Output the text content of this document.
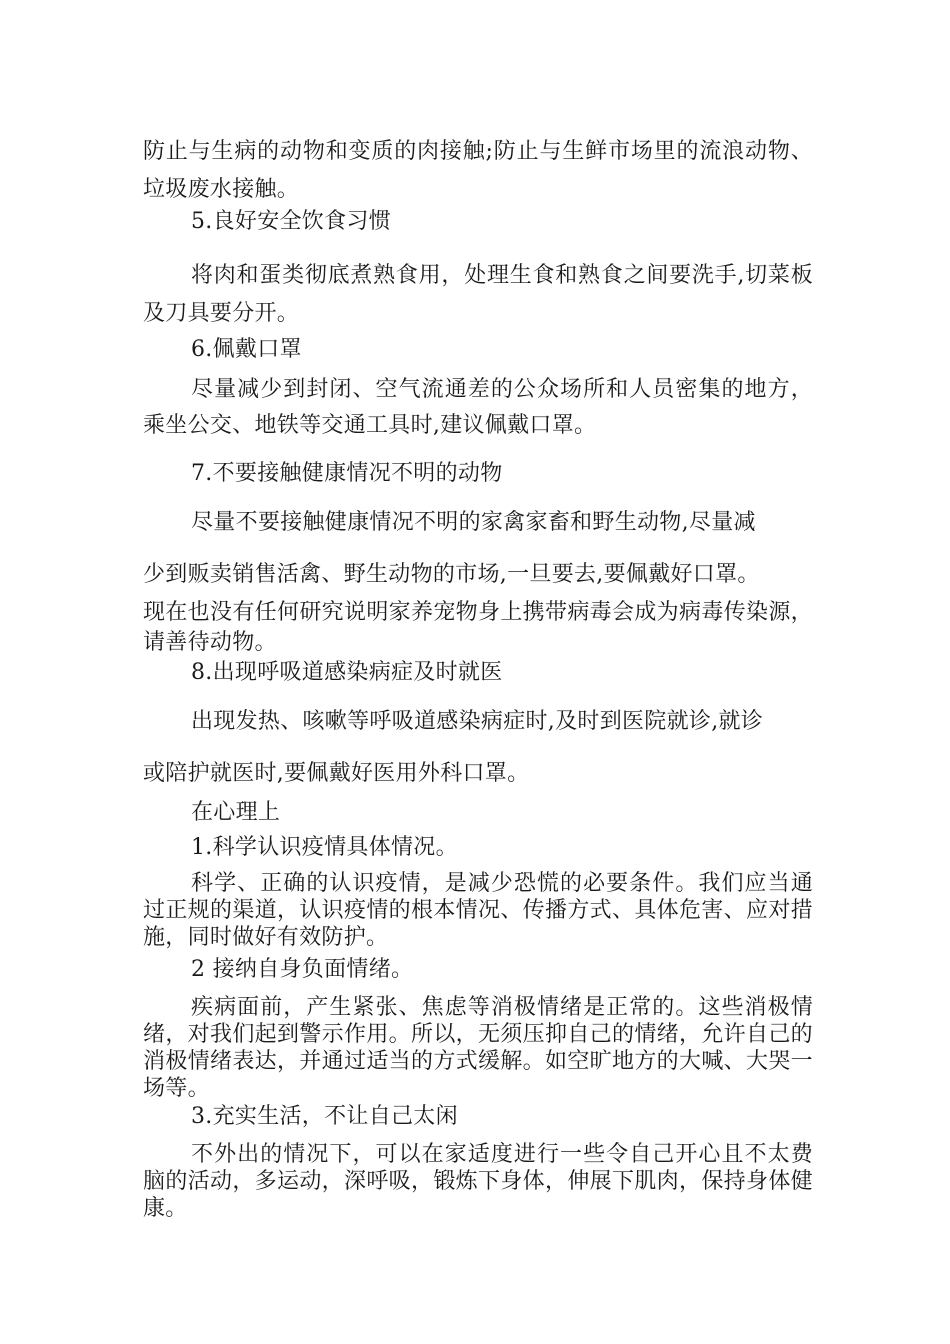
防止与生病的动物和变质的肉接触;防止与生鲜市场里的流浪动物、垃圾废水接触。

5.良好安全饮食习惯

将肉和蛋类彻底煮熟食用，处理生食和熟食之间要洗手,切菜板及刀具要分开。

6.佩戴口罩

尽量减少到封闭、空气流通差的公众场所和人员密集的地方，乘坐公交、地铁等交通工具时,建议佩戴口罩。

7.不要接触健康情况不明的动物

尽量不要接触健康情况不明的家禽家畜和野生动物,尽量减

少到贩卖销售活禽、野生动物的市场,一旦要去,要佩戴好口罩。

现在也没有任何研究说明家养宠物身上携带病毒会成为病毒传染源，请善待动物。

8.出现呼吸道感染病症及时就医

出现发热、咳嗽等呼吸道感染病症时,及时到医院就诊,就诊

或陪护就医时,要佩戴好医用外科口罩。

在心理上

1.科学认识疫情具体情况。

科学、正确的认识疫情，是减少恐慌的必要条件。我们应当通过正规的渠道，认识疫情的根本情况、传播方式、具体危害、应对措施，同时做好有效防护。

2 接纳自身负面情绪。

疾病面前，产生紧张、焦虑等消极情绪是正常的。这些消极情绪，对我们起到警示作用。所以，无须压抑自己的情绪，允许自己的消极情绪表达，并通过适当的方式缓解。如空旷地方的大喊、大哭一场等。

3.充实生活，不让自己太闲

不外出的情况下，可以在家适度进行一些令自己开心且不太费脑的活动，多运动，深呼吸，锻炼下身体，伸展下肌肉，保持身体健康。
